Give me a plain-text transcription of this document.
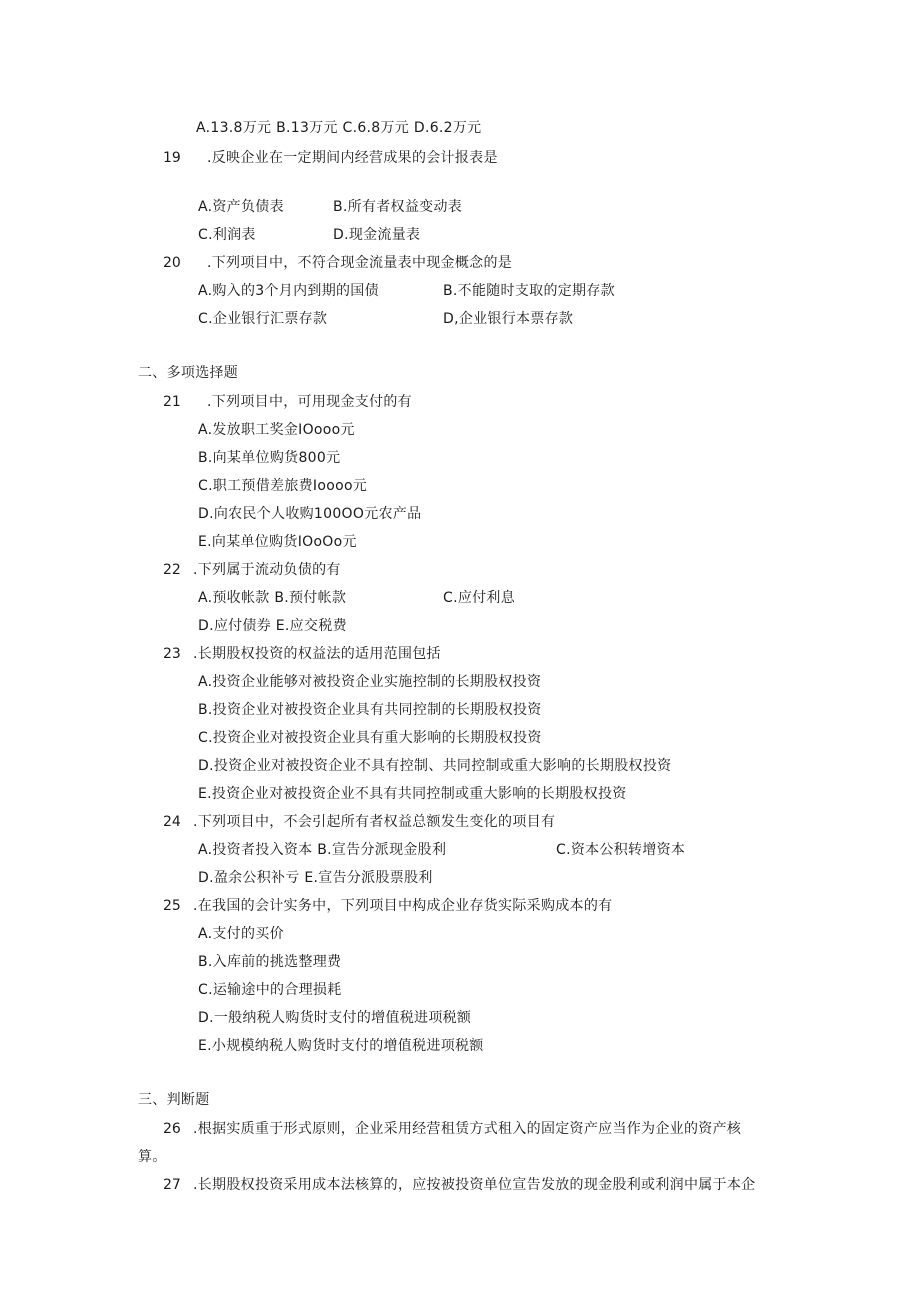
A.13.8万元 B.13万元 C.6.8万元 D.6.2万元
19 .反映企业在一定期间内经营成果的会计报表是
A.资产负债表	B.所有者权益变动表
C.利润表	D.现金流量表
20 .下列项目中，不符合现金流量表中现金概念的是
A.购入的3个月内到期的国债	B.不能随时支取的定期存款
C.企业银行汇票存款	D,企业银行本票存款
二、多项选择题
21 .下列项目中，可用现金支付的有
A.发放职工奖金IOooo元
B.向某单位购货800元
C.职工预借差旅费Ioooo元
D.向农民个人收购100OO元农产品
E.向某单位购货IOoOo元
22 .下列属于流动负债的有
A.预收帐款 B.预付帐款	C.应付利息
D.应付债券 E.应交税费
23 .长期股权投资的权益法的适用范围包括
A.投资企业能够对被投资企业实施控制的长期股权投资
B.投资企业对被投资企业具有共同控制的长期股权投资
C.投资企业对被投资企业具有重大影响的长期股权投资
D.投资企业对被投资企业不具有控制、共同控制或重大影响的长期股权投资
E.投资企业对被投资企业不具有共同控制或重大影响的长期股权投资
24 .下列项目中，不会引起所有者权益总额发生变化的项目有
A.投资者投入资本 B.宣告分派现金股利	C.资本公积转增资本
D.盈余公积补亏 E.宣告分派股票股利
25 .在我国的会计实务中，下列项目中构成企业存货实际采购成本的有
A.支付的买价
B.入库前的挑选整理费
C.运输途中的合理损耗
D.一般纳税人购货时支付的增值税进项税额
E.小规模纳税人购货时支付的增值税进项税额
三、判断题
26 .根据实质重于形式原则，企业采用经营租赁方式租入的固定资产应当作为企业的资产核
算。
27 .长期股权投资采用成本法核算的，应按被投资单位宣告发放的现金股利或利润中属于本企
